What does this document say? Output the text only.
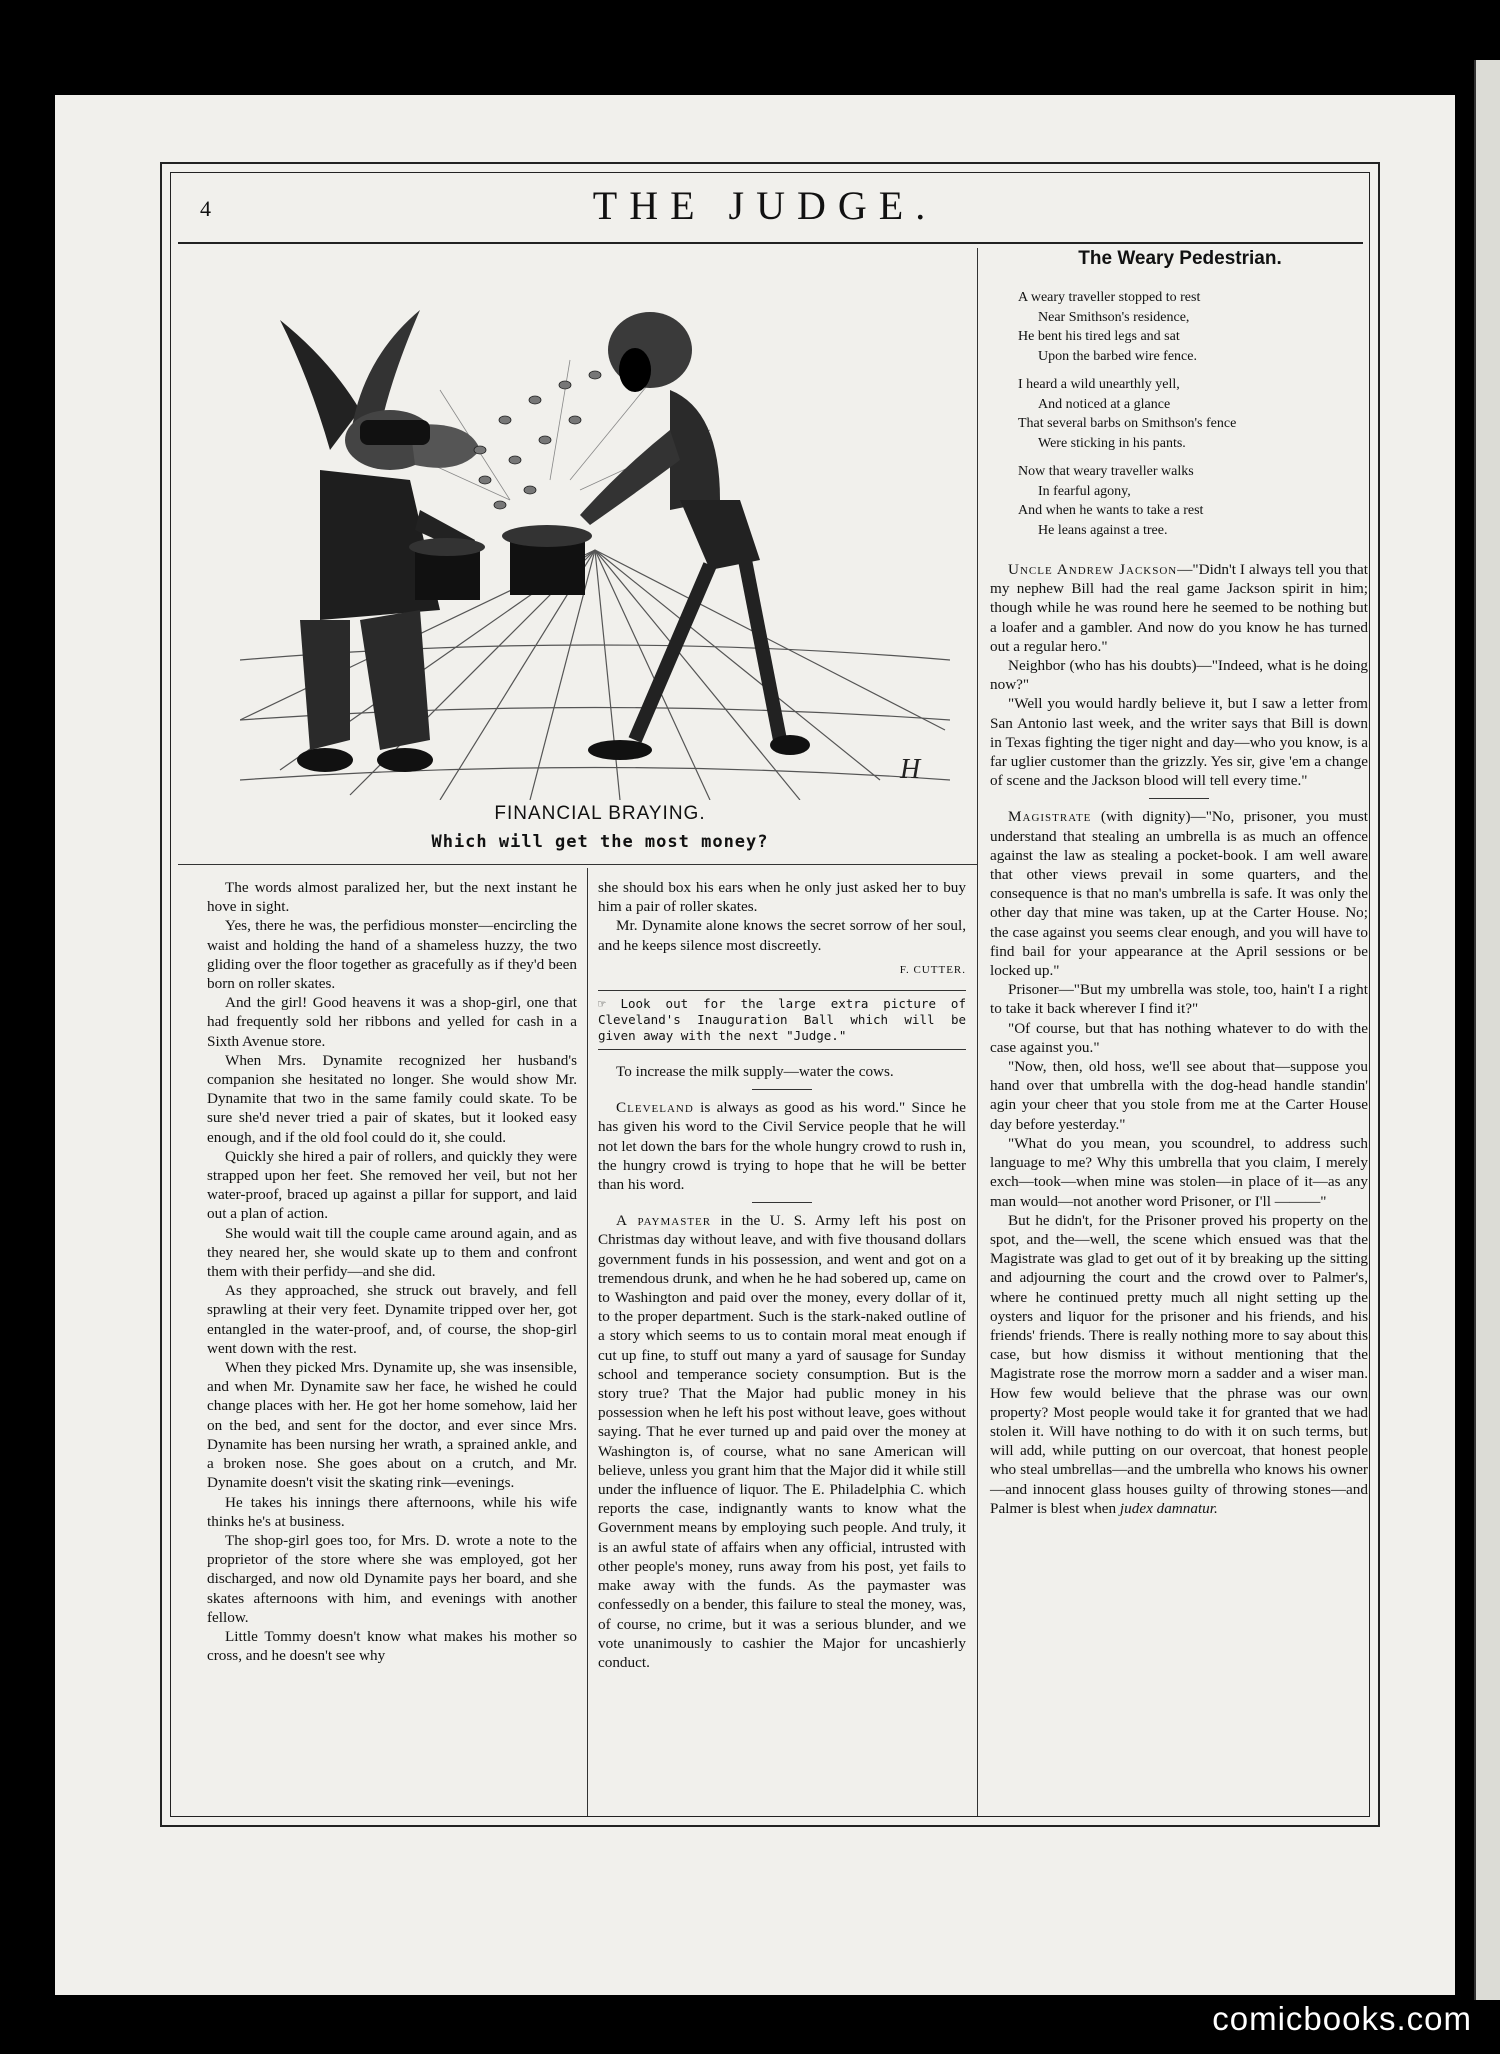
4	THE JUDGE.
H
FINANCIAL BRAYING.
Which will get the most money?
The Weary Pedestrian.
A weary traveller stopped to rest
Near Smithson's residence,
He bent his tired legs and sat
Upon the barbed wire fence.
I heard a wild unearthly yell,
And noticed at a glance
That several barbs on Smithson's fence
Were sticking in his pants.
Now that weary traveller walks
In fearful agony,
And when he wants to take a rest
He leans against a tree.

The words almost paralized her, but the next instant he hove in sight.

Yes, there he was, the perfidious monster—encircling the waist and holding the hand of a shameless huzzy, the two gliding over the floor together as gracefully as if they'd been born on roller skates.

And the girl! Good heavens it was a shop-girl, one that had frequently sold her ribbons and yelled for cash in a Sixth Avenue store.

When Mrs. Dynamite recognized her husband's companion she hesitated no longer. She would show Mr. Dynamite that two in the same family could skate. To be sure she'd never tried a pair of skates, but it looked easy enough, and if the old fool could do it, she could.

Quickly she hired a pair of rollers, and quickly they were strapped upon her feet. She removed her veil, but not her water-proof, braced up against a pillar for support, and laid out a plan of action.

She would wait till the couple came around again, and as they neared her, she would skate up to them and confront them with their perfidy—and she did.

As they approached, she struck out bravely, and fell sprawling at their very feet. Dynamite tripped over her, got entangled in the water-proof, and, of course, the shop-girl went down with the rest.

When they picked Mrs. Dynamite up, she was insensible, and when Mr. Dynamite saw her face, he wished he could change places with her. He got her home somehow, laid her on the bed, and sent for the doctor, and ever since Mrs. Dynamite has been nursing her wrath, a sprained ankle, and a broken nose. She goes about on a crutch, and Mr. Dynamite doesn't visit the skating rink—evenings.

He takes his innings there afternoons, while his wife thinks he's at business.

The shop-girl goes too, for Mrs. D. wrote a note to the proprietor of the store where she was employed, got her discharged, and now old Dynamite pays her board, and she skates afternoons with him, and evenings with another fellow.

Little Tommy doesn't know what makes his mother so cross, and he doesn't see why

she should box his ears when he only just asked her to buy him a pair of roller skates.

Mr. Dynamite alone knows the secret sorrow of her soul, and he keeps silence most discreetly.

F. CUTTER.

☞ Look out for the large extra picture of Cleveland's Inauguration Ball which will be given away with the next "Judge."

To increase the milk supply—water the cows.

Cleveland is always as good as his word." Since he has given his word to the Civil Service people that he will not let down the bars for the whole hungry crowd to rush in, the hungry crowd is trying to hope that he will be better than his word.

A paymaster in the U. S. Army left his post on Christmas day without leave, and with five thousand dollars government funds in his possession, and went and got on a tremendous drunk, and when he he had sobered up, came on to Washington and paid over the money, every dollar of it, to the proper department. Such is the stark-naked outline of a story which seems to us to contain moral meat enough if cut up fine, to stuff out many a yard of sausage for Sunday school and temperance society consumption. But is the story true? That the Major had public money in his possession when he left his post without leave, goes without saying. That he ever turned up and paid over the money at Washington is, of course, what no sane American will believe, unless you grant him that the Major did it while still under the influence of liquor. The E. Philadelphia C. which reports the case, indignantly wants to know what the Government means by employing such people. And truly, it is an awful state of affairs when any official, intrusted with other people's money, runs away from his post, yet fails to make away with the funds. As the paymaster was confessedly on a bender, this failure to steal the money, was, of course, no crime, but it was a serious blunder, and we vote unanimously to cashier the Major for uncashierly conduct.

Uncle Andrew Jackson—"Didn't I always tell you that my nephew Bill had the real game Jackson spirit in him; though while he was round here he seemed to be nothing but a loafer and a gambler. And now do you know he has turned out a regular hero."

Neighbor (who has his doubts)—"Indeed, what is he doing now?"

"Well you would hardly believe it, but I saw a letter from San Antonio last week, and the writer says that Bill is down in Texas fighting the tiger night and day—who you know, is a far uglier customer than the grizzly. Yes sir, give 'em a change of scene and the Jackson blood will tell every time."

Magistrate (with dignity)—"No, prisoner, you must understand that stealing an umbrella is as much an offence against the law as stealing a pocket-book. I am well aware that other views prevail in some quarters, and the consequence is that no man's umbrella is safe. It was only the other day that mine was taken, up at the Carter House. No; the case against you seems clear enough, and you will have to find bail for your appearance at the April sessions or be locked up."

Prisoner—"But my umbrella was stole, too, hain't I a right to take it back wherever I find it?"

"Of course, but that has nothing whatever to do with the case against you."

"Now, then, old hoss, we'll see about that—suppose you hand over that umbrella with the dog-head handle standin' agin your cheer that you stole from me at the Carter House day before yesterday."

"What do you mean, you scoundrel, to address such language to me? Why this umbrella that you claim, I merely exch—took—when mine was stolen—in place of it—as any man would—not another word Prisoner, or I'll ———"

But he didn't, for the Prisoner proved his property on the spot, and the—well, the scene which ensued was that the Magistrate was glad to get out of it by breaking up the sitting and adjourning the court and the crowd over to Palmer's, where he continued pretty much all night setting up the oysters and liquor for the prisoner and his friends, and his friends' friends. There is really nothing more to say about this case, but how dismiss it without mentioning that the Magistrate rose the morrow morn a sadder and a wiser man. How few would believe that the phrase was our own property? Most people would take it for granted that we had stolen it. Will have nothing to do with it on such terms, but will add, while putting on our overcoat, that honest people who steal umbrellas—and the umbrella who knows his owner—and innocent glass houses guilty of throwing stones—and Palmer is blest when judex damnatur.

comicbooks.com
